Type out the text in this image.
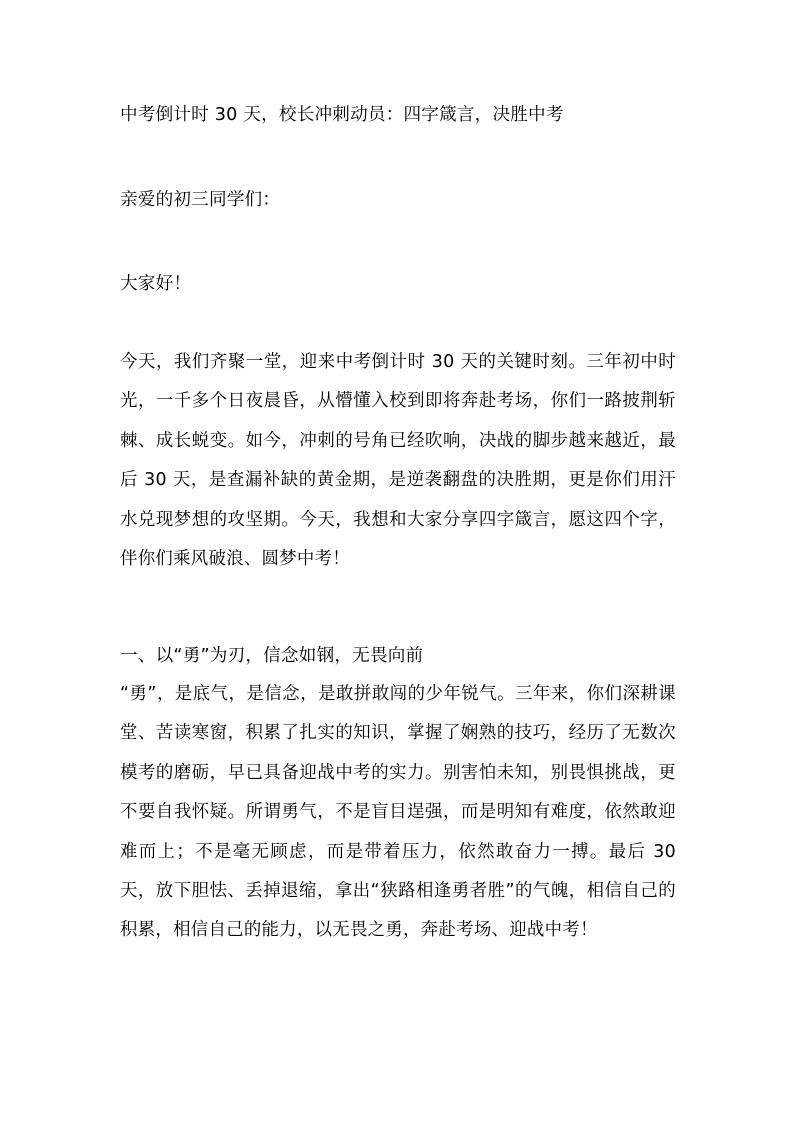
中考倒计时 30 天，校长冲刺动员：四字箴言，决胜中考
亲爱的初三同学们：
大家好！
今天，我们齐聚一堂，迎来中考倒计时 30 天的关键时刻。三年初中时光，一千多个日夜晨昏，从懵懂入校到即将奔赴考场，你们一路披荆斩棘、成长蜕变。如今，冲刺的号角已经吹响，决战的脚步越来越近，最后 30 天，是查漏补缺的黄金期，是逆袭翻盘的决胜期，更是你们用汗水兑现梦想的攻坚期。今天，我想和大家分享四字箴言，愿这四个字，伴你们乘风破浪、圆梦中考！
一、以“勇”为刃，信念如钢，无畏向前
“勇”，是底气，是信念，是敢拼敢闯的少年锐气。三年来，你们深耕课堂、苦读寒窗，积累了扎实的知识，掌握了娴熟的技巧，经历了无数次模考的磨砺，早已具备迎战中考的实力。别害怕未知，别畏惧挑战，更不要自我怀疑。所谓勇气，不是盲目逞强，而是明知有难度，依然敢迎难而上；不是毫无顾虑，而是带着压力，依然敢奋力一搏。最后 30 天，放下胆怯、丢掉退缩，拿出“狭路相逢勇者胜”的气魄，相信自己的积累，相信自己的能力，以无畏之勇，奔赴考场、迎战中考！
